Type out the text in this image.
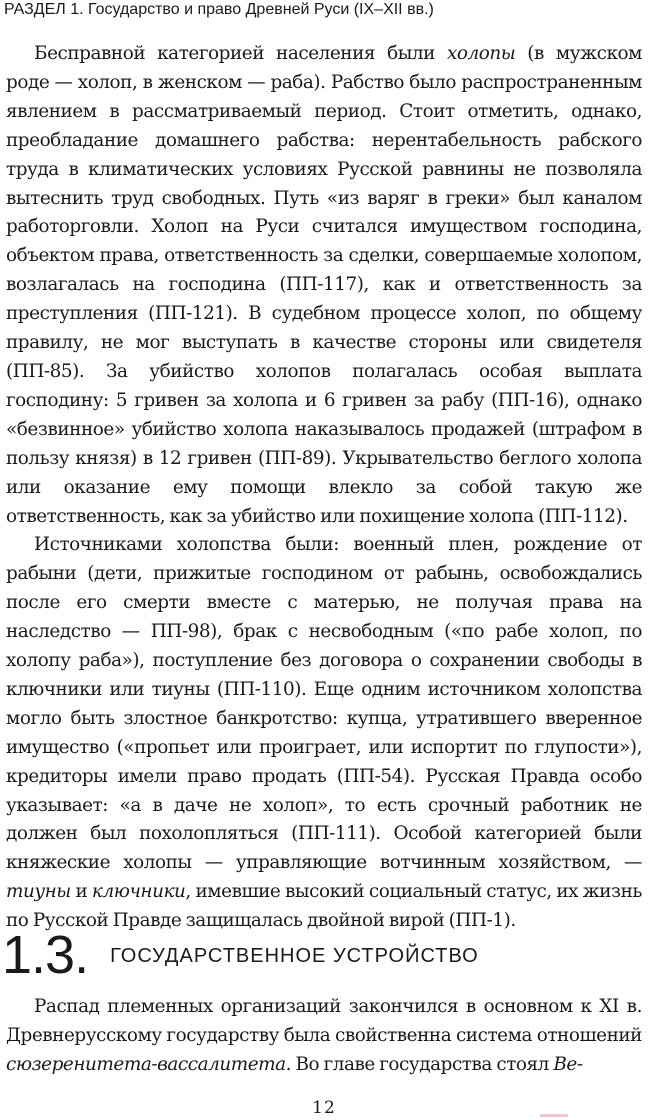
РАЗДЕЛ 1. Государство и право Древней Руси (IX–XII вв.)

Бесправной категорией населения были холопы (в мужском роде — холоп, в женском — раба). Рабство было распространенным явлением в рассматриваемый период. Стоит отметить, однако, преобладание домашнего рабства: нерентабельность рабского труда в климатических условиях Русской равнины не позволяла вытеснить труд свободных. Путь «из варяг в греки» был каналом работорговли. Холоп на Руси считался имуществом господина, объектом права, ответственность за сделки, совершаемые холопом, возлагалась на господина (ПП-117), как и ответственность за преступления (ПП-121). В судебном процессе холоп, по общему правилу, не мог выступать в качестве стороны или свидетеля (ПП-85). За убийство холопов полагалась особая выплата господину: 5 гривен за холопа и 6 гривен за рабу (ПП-16), однако «безвинное» убийство холопа наказывалось продажей (штрафом в пользу князя) в 12 гривен (ПП-89). Укрывательство беглого холопа или оказание ему помощи влекло за собой такую же ответственность, как за убийство или похищение холопа (ПП-112).

Источниками холопства были: военный плен, рождение от рабыни (дети, прижитые господином от рабынь, освобождались после его смерти вместе с матерью, не получая права на наследство — ПП-98), брак с несвободным («по рабе холоп, по холопу раба»), поступление без договора о сохранении свободы в ключники или тиуны (ПП-110). Еще одним источником холопства могло быть злостное банкротство: купца, утратившего вверенное имущество («пропьет или проиграет, или испортит по глупости»), кредиторы имели право продать (ПП-54). Русская Правда особо указывает: «а в даче не холоп», то есть срочный работник не должен был похолопляться (ПП-111). Особой категорией были княжеские холопы — управляющие вотчинным хозяйством, — тиуны и ключники, имевшие высокий социальный статус, их жизнь по Русской Правде защищалась двойной вирой (ПП-1).

1.3. ГОСУДАРСТВЕННОЕ УСТРОЙСТВО

Распад племенных организаций закончился в основном к XI в. Древнерусскому государству была свойственна система отношений сюзеренитета-вассалитета. Во главе государства стоял Ве-

12
